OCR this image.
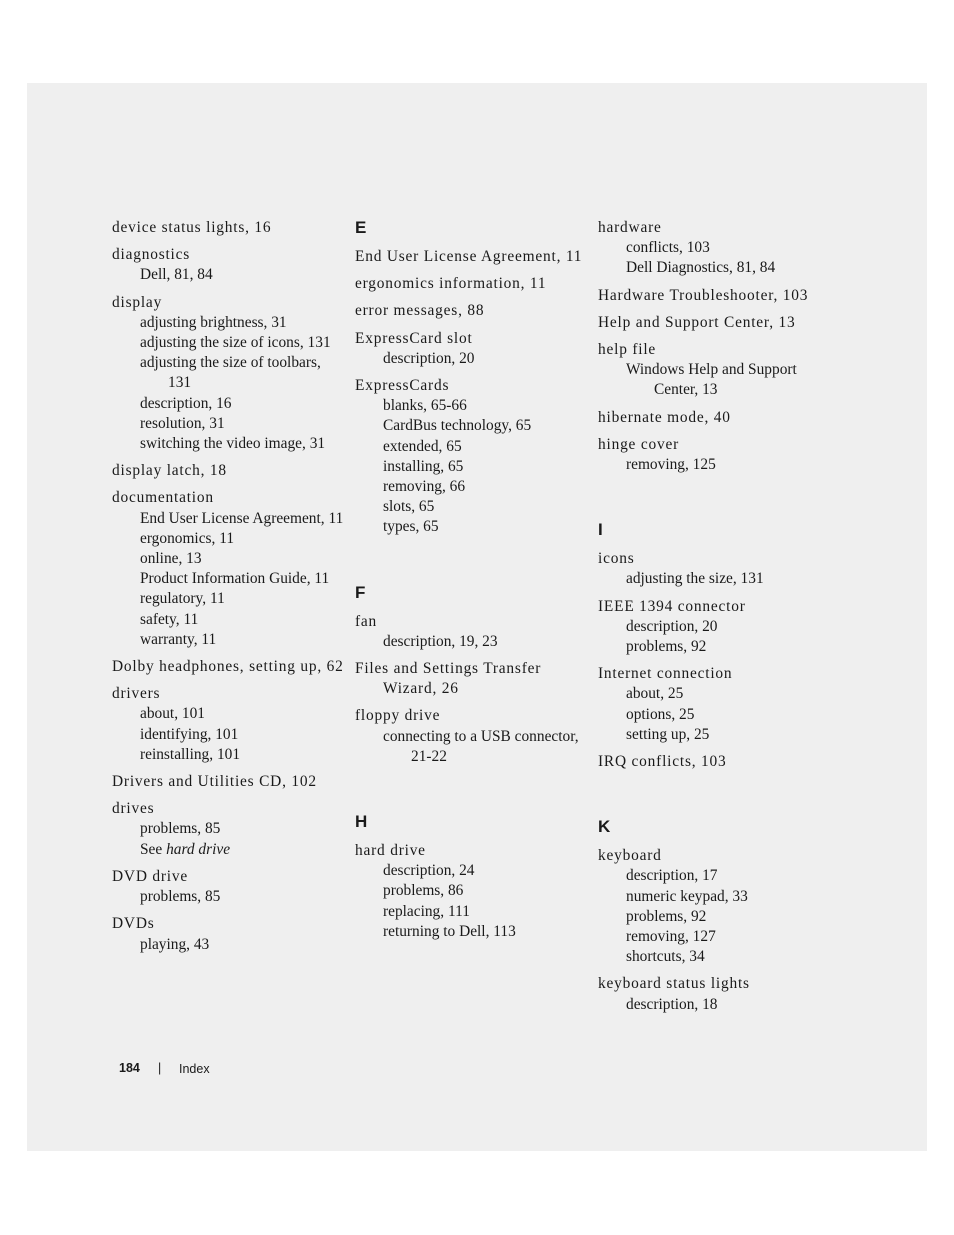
device status lights, 16
diagnostics
Dell, 81, 84
display
adjusting brightness, 31
adjusting the size of icons, 131
adjusting the size of toolbars, 131
description, 16
resolution, 31
switching the video image, 31
display latch, 18
documentation
End User License Agreement, 11
ergonomics, 11
online, 13
Product Information Guide, 11
regulatory, 11
safety, 11
warranty, 11
Dolby headphones, setting up, 62
drivers
about, 101
identifying, 101
reinstalling, 101
Drivers and Utilities CD, 102
drives
problems, 85
See hard drive
DVD drive
problems, 85
DVDs
playing, 43
E
End User License Agreement, 11
ergonomics information, 11
error messages, 88
ExpressCard slot
description, 20
ExpressCards
blanks, 65-66
CardBus technology, 65
extended, 65
installing, 65
removing, 66
slots, 65
types, 65
F
fan
description, 19, 23
Files and Settings Transfer Wizard, 26
floppy drive
connecting to a USB connector, 21-22
H
hard drive
description, 24
problems, 86
replacing, 111
returning to Dell, 113
hardware
conflicts, 103
Dell Diagnostics, 81, 84
Hardware Troubleshooter, 103
Help and Support Center, 13
help file
Windows Help and Support Center, 13
hibernate mode, 40
hinge cover
removing, 125
I
icons
adjusting the size, 131
IEEE 1394 connector
description, 20
problems, 92
Internet connection
about, 25
options, 25
setting up, 25
IRQ conflicts, 103
K
keyboard
description, 17
numeric keypad, 33
problems, 92
removing, 127
shortcuts, 34
keyboard status lights
description, 18
184 | Index
